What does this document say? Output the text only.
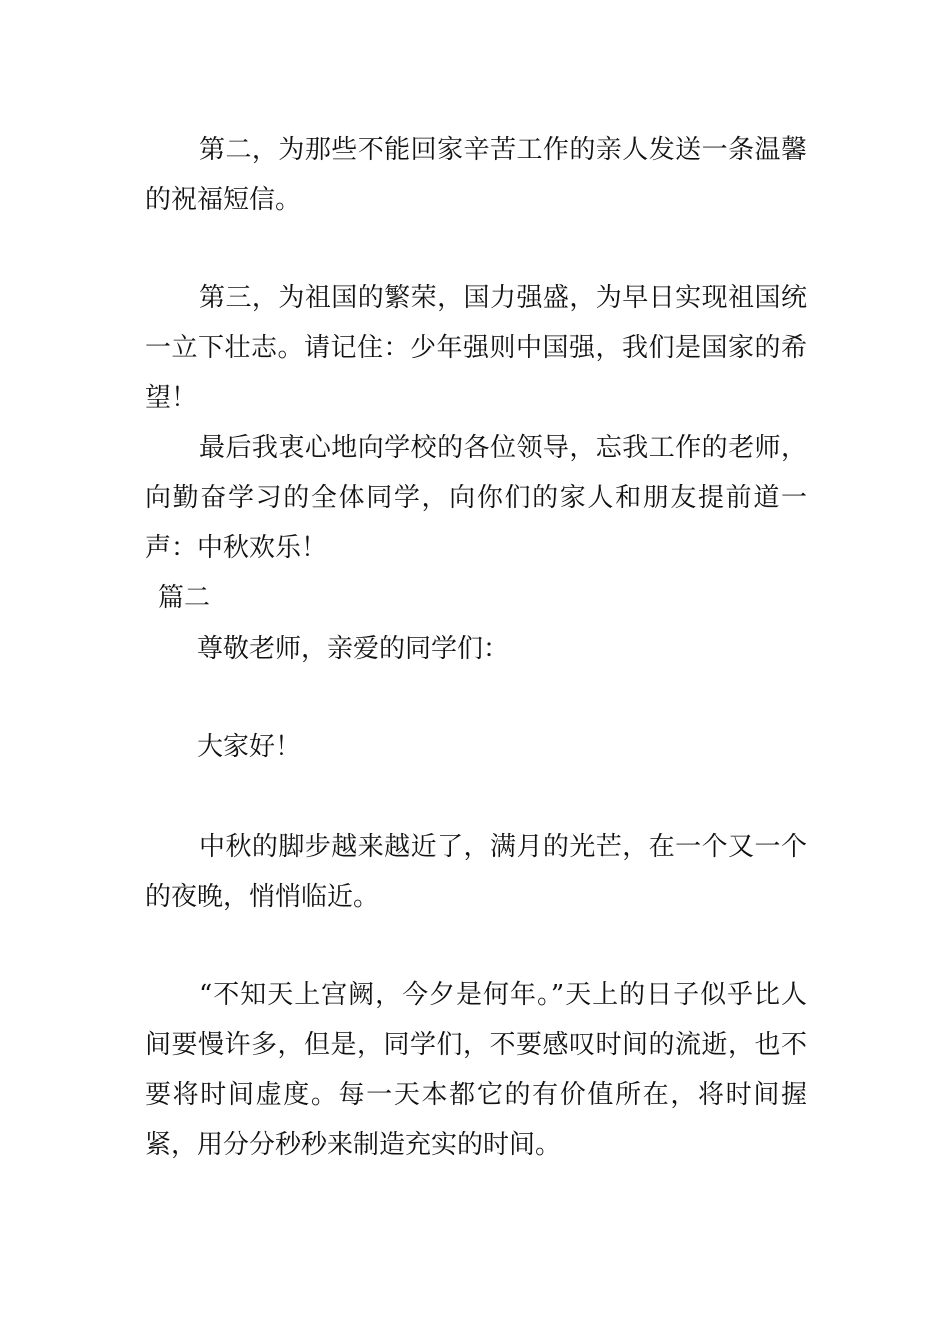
第二，为那些不能回家辛苦工作的亲人发送一条温馨的祝福短信。

第三，为祖国的繁荣，国力强盛，为早日实现祖国统一立下壮志。请记住：少年强则中国强，我们是国家的希望！

最后我衷心地向学校的各位领导，忘我工作的老师，向勤奋学习的全体同学，向你们的家人和朋友提前道一声：中秋欢乐！

篇二

尊敬老师，亲爱的同学们：

大家好！

中秋的脚步越来越近了，满月的光芒，在一个又一个的夜晚，悄悄临近。

“不知天上宫阙，今夕是何年。”天上的日子似乎比人间要慢许多，但是，同学们，不要感叹时间的流逝，也不要将时间虚度。每一天本都它的有价值所在，将时间握紧，用分分秒秒来制造充实的时间。
